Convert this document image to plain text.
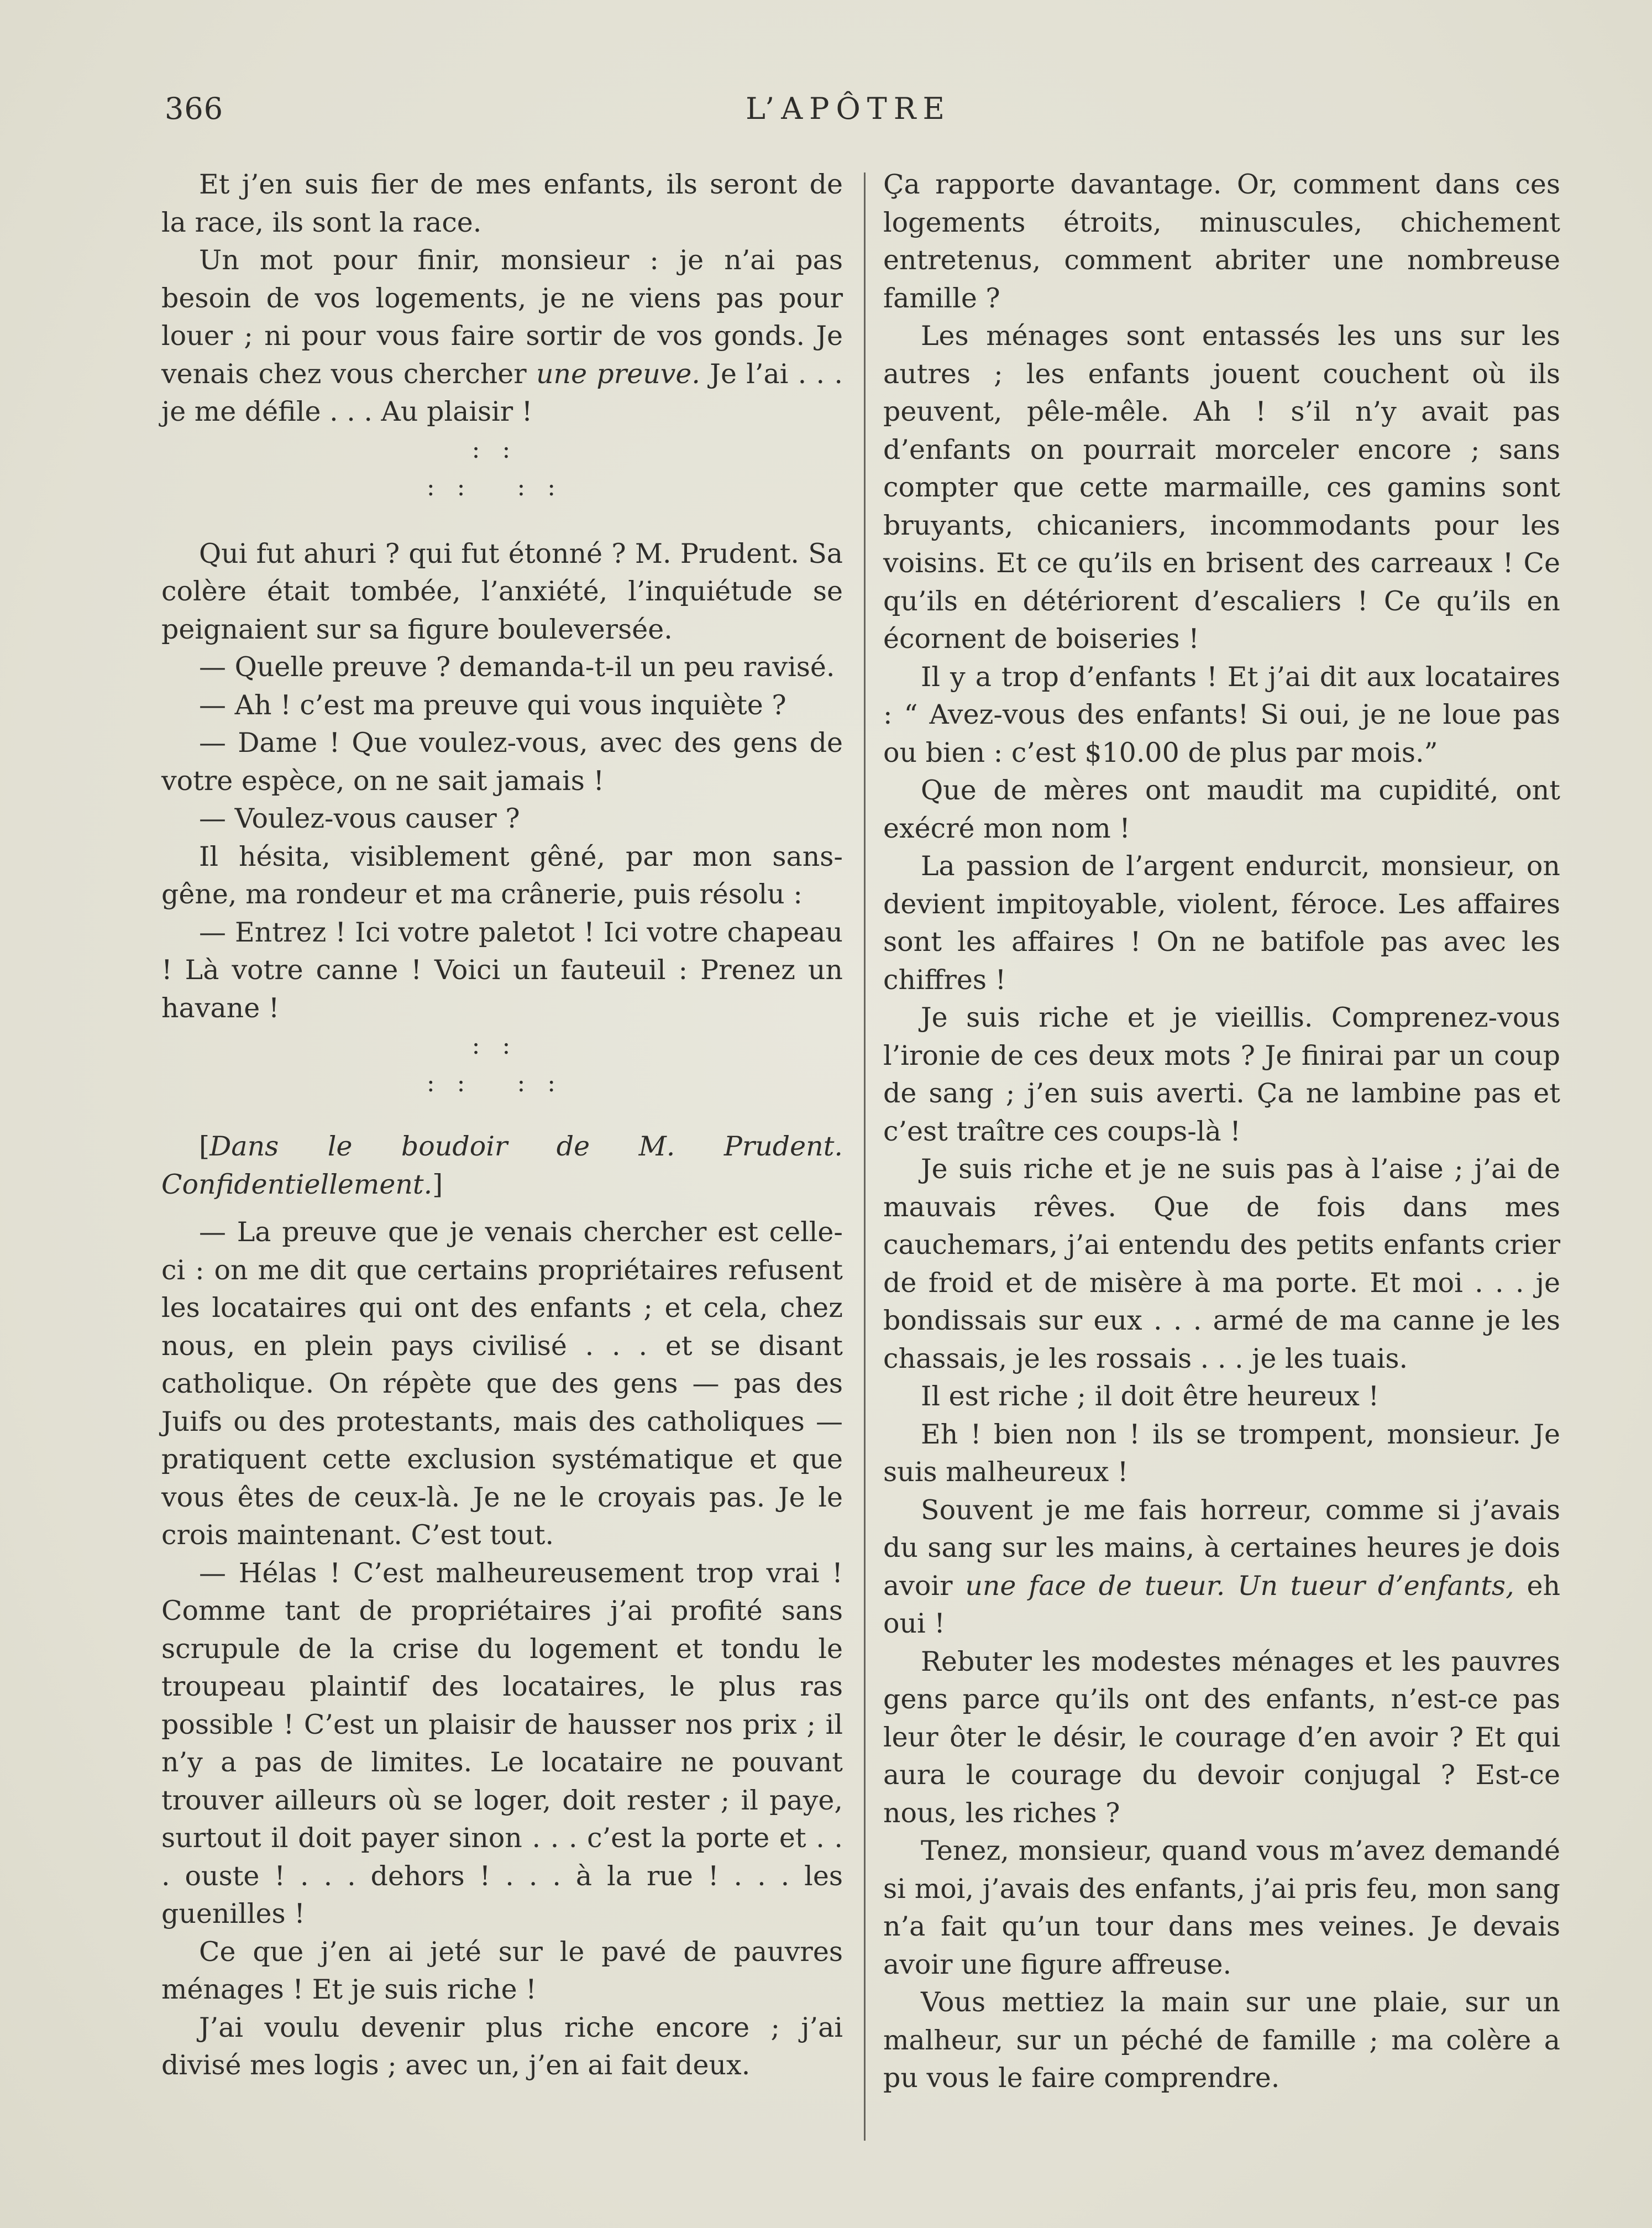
366	L’APÔTRE

Et j’en suis fier de mes enfants, ils seront de la race, ils sont la race.

Un mot pour finir, monsieur : je n’ai pas besoin de vos logements, je ne viens pas pour louer ; ni pour vous faire sortir de vos gonds. Je venais chez vous chercher une preuve. Je l’ai . . . je me défile . . . Au plaisir !

::

:: ::

Qui fut ahuri ? qui fut étonné ? M. Prudent. Sa colère était tombée, l’anxiété, l’inquiétude se peignaient sur sa figure bouleversée.

— Quelle preuve ? demanda-t-il un peu ravisé.

— Ah ! c’est ma preuve qui vous inquiète ?

— Dame ! Que voulez-vous, avec des gens de votre espèce, on ne sait jamais !

— Voulez-vous causer ?

Il hésita, visiblement gêné, par mon sans-gêne, ma rondeur et ma crânerie, puis résolu :

— Entrez ! Ici votre paletot ! Ici votre chapeau ! Là votre canne ! Voici un fauteuil : Prenez un havane !

::

:: ::

[Dans le boudoir de M. Prudent. Confidentiellement.]

— La preuve que je venais chercher est celle-ci : on me dit que certains propriétaires refusent les locataires qui ont des enfants ; et cela, chez nous, en plein pays civilisé . . . et se disant catholique. On répète que des gens — pas des Juifs ou des protestants, mais des catholiques — pratiquent cette exclusion systématique et que vous êtes de ceux-là. Je ne le croyais pas. Je le crois maintenant. C’est tout.

— Hélas ! C’est malheureusement trop vrai ! Comme tant de propriétaires j’ai profité sans scrupule de la crise du logement et tondu le troupeau plaintif des locataires, le plus ras possible ! C’est un plaisir de hausser nos prix ; il n’y a pas de limites. Le locataire ne pouvant trouver ailleurs où se loger, doit rester ; il paye, surtout il doit payer sinon . . . c’est la porte et . . . ouste ! . . . dehors ! . . . à la rue ! . . . les guenilles !

Ce que j’en ai jeté sur le pavé de pauvres ménages ! Et je suis riche !

J’ai voulu devenir plus riche encore ; j’ai divisé mes logis ; avec un, j’en ai fait deux.

Ça rapporte davantage. Or, comment dans ces logements étroits, minuscules, chichement entretenus, comment abriter une nombreuse famille ?

Les ménages sont entassés les uns sur les autres ; les enfants jouent couchent où ils peuvent, pêle-mêle. Ah ! s’il n’y avait pas d’enfants on pourrait morceler encore ; sans compter que cette marmaille, ces gamins sont bruyants, chicaniers, incommodants pour les voisins. Et ce qu’ils en brisent des carreaux ! Ce qu’ils en détériorent d’escaliers ! Ce qu’ils en écornent de boiseries !

Il y a trop d’enfants ! Et j’ai dit aux locataires : “ Avez-vous des enfants! Si oui, je ne loue pas ou bien : c’est $10.00 de plus par mois.”

Que de mères ont maudit ma cupidité, ont exécré mon nom !

La passion de l’argent endurcit, monsieur, on devient impitoyable, violent, féroce. Les affaires sont les affaires ! On ne batifole pas avec les chiffres !

Je suis riche et je vieillis. Comprenez-vous l’ironie de ces deux mots ? Je finirai par un coup de sang ; j’en suis averti. Ça ne lambine pas et c’est traître ces coups-là !

Je suis riche et je ne suis pas à l’aise ; j’ai de mauvais rêves. Que de fois dans mes cauchemars, j’ai entendu des petits enfants crier de froid et de misère à ma porte. Et moi . . . je bondissais sur eux . . . armé de ma canne je les chassais, je les rossais . . . je les tuais.

Il est riche ; il doit être heureux !

Eh ! bien non ! ils se trompent, monsieur. Je suis malheureux !

Souvent je me fais horreur, comme si j’avais du sang sur les mains, à certaines heures je dois avoir une face de tueur. Un tueur d’enfants, eh oui !

Rebuter les modestes ménages et les pauvres gens parce qu’ils ont des enfants, n’est-ce pas leur ôter le désir, le courage d’en avoir ? Et qui aura le courage du devoir conjugal ? Est-ce nous, les riches ?

Tenez, monsieur, quand vous m’avez demandé si moi, j’avais des enfants, j’ai pris feu, mon sang n’a fait qu’un tour dans mes veines. Je devais avoir une figure affreuse.

Vous mettiez la main sur une plaie, sur un malheur, sur un péché de famille ; ma colère a pu vous le faire comprendre.
